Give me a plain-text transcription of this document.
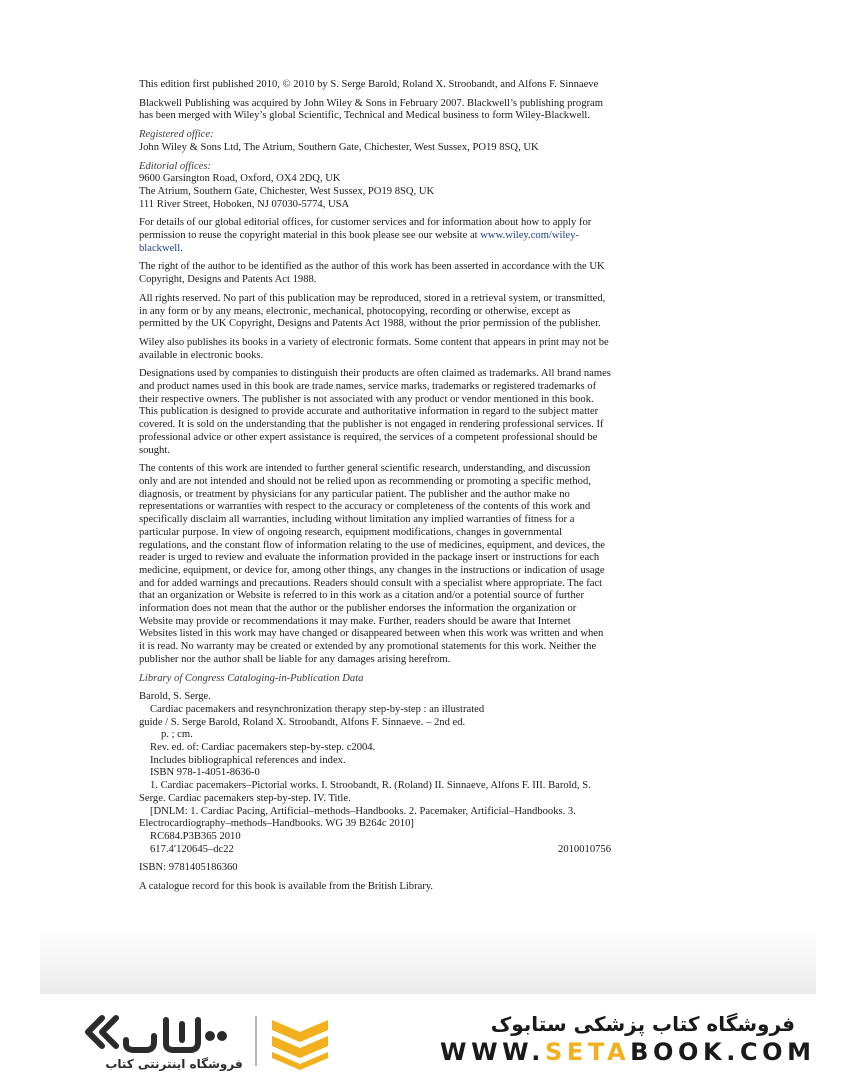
This edition first published 2010, © 2010 by S. Serge Barold, Roland X. Stroobandt, and Alfons F. Sinnaeve

Blackwell Publishing was acquired by John Wiley & Sons in February 2007. Blackwell’s publishing program has been merged with Wiley’s global Scientific, Technical and Medical business to form Wiley-Blackwell.

Registered office:
John Wiley & Sons Ltd, The Atrium, Southern Gate, Chichester, West Sussex, PO19 8SQ, UK

Editorial offices:
9600 Garsington Road, Oxford, OX4 2DQ, UK
The Atrium, Southern Gate, Chichester, West Sussex, PO19 8SQ, UK
111 River Street, Hoboken, NJ 07030-5774, USA

For details of our global editorial offices, for customer services and for information about how to apply for permission to reuse the copyright material in this book please see our website at www.wiley.com/wiley-blackwell.

The right of the author to be identified as the author of this work has been asserted in accordance with the UK Copyright, Designs and Patents Act 1988.

All rights reserved. No part of this publication may be reproduced, stored in a retrieval system, or transmitted, in any form or by any means, electronic, mechanical, photocopying, recording or otherwise, except as permitted by the UK Copyright, Designs and Patents Act 1988, without the prior permission of the publisher.

Wiley also publishes its books in a variety of electronic formats. Some content that appears in print may not be available in electronic books.

Designations used by companies to distinguish their products are often claimed as trademarks. All brand names and product names used in this book are trade names, service marks, trademarks or registered trademarks of their respective owners. The publisher is not associated with any product or vendor mentioned in this book. This publication is designed to provide accurate and authoritative information in regard to the subject matter covered. It is sold on the understanding that the publisher is not engaged in rendering professional services. If professional advice or other expert assistance is required, the services of a competent professional should be sought.

The contents of this work are intended to further general scientific research, understanding, and discussion only and are not intended and should not be relied upon as recommending or promoting a specific method, diagnosis, or treatment by physicians for any particular patient. The publisher and the author make no representations or warranties with respect to the accuracy or completeness of the contents of this work and specifically disclaim all warranties, including without limitation any implied warranties of fitness for a particular purpose. In view of ongoing research, equipment modifications, changes in governmental regulations, and the constant flow of information relating to the use of medicines, equipment, and devices, the reader is urged to review and evaluate the information provided in the package insert or instructions for each medicine, equipment, or device for, among other things, any changes in the instructions or indication of usage and for added warnings and precautions. Readers should consult with a specialist where appropriate. The fact that an organization or Website is referred to in this work as a citation and/or a potential source of further information does not mean that the author or the publisher endorses the information the organization or Website may provide or recommendations it may make. Further, readers should be aware that Internet Websites listed in this work may have changed or disappeared between when this work was written and when it is read. No warranty may be created or extended by any promotional statements for this work. Neither the publisher nor the author shall be liable for any damages arising herefrom.

Library of Congress Cataloging-in-Publication Data

Barold, S. Serge.
Cardiac pacemakers and resynchronization therapy step-by-step : an illustrated
guide / S. Serge Barold, Roland X. Stroobandt, Alfons F. Sinnaeve. – 2nd ed.
p. ; cm.
Rev. ed. of: Cardiac pacemakers step-by-step. c2004.
Includes bibliographical references and index.
ISBN 978-1-4051-8636-0
1. Cardiac pacemakers–Pictorial works. I. Stroobandt, R. (Roland) II. Sinnaeve, Alfons F. III. Barold, S. Serge. Cardiac pacemakers step-by-step. IV. Title.
[DNLM: 1. Cardiac Pacing, Artificial–methods–Handbooks. 2. Pacemaker, Artificial–Handbooks. 3. Electrocardiography–methods–Handbooks. WG 39 B264c 2010]
RC684.P3B365 2010
617.4′120645–dc22	2010010756

ISBN: 9781405186360

A catalogue record for this book is available from the British Library.

فروشگاه اینترنتی کتاب
ستابوک
فروشگاه کتاب پزشکی ستابوک
WWW.SETABOOK.COM
